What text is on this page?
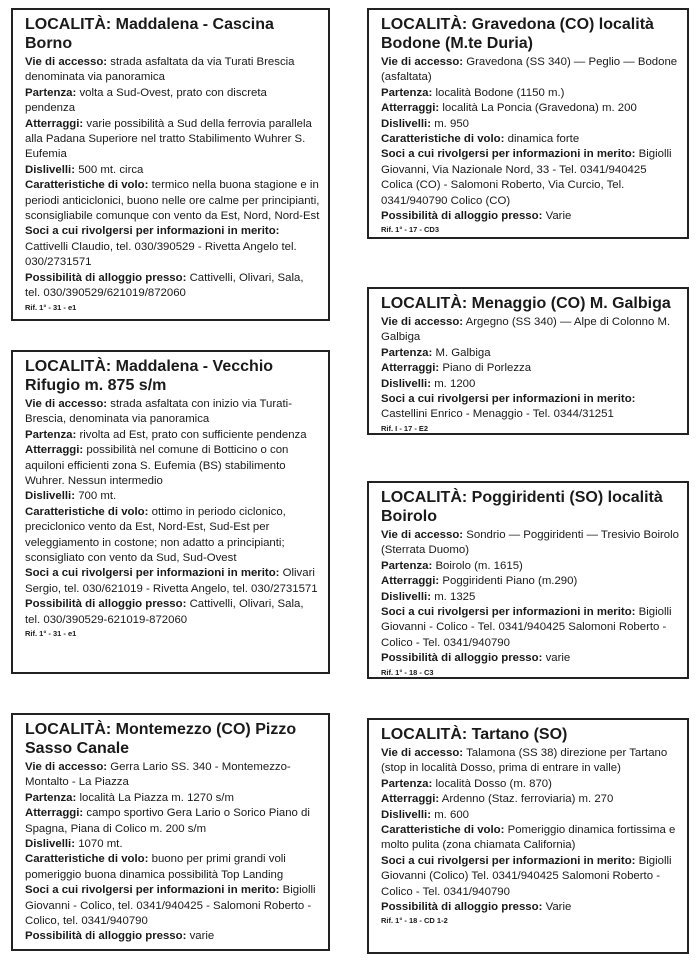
LOCALITÀ: Maddalena - Cascina Borno
Vie di accesso: strada asfaltata da via Turati Brescia denominata via panoramica
Partenza: volta a Sud-Ovest, prato con discreta pendenza
Atterraggi: varie possibilità a Sud della ferrovia parallela alla Padana Superiore nel tratto Stabilimento Wuhrer S. Eufemia
Dislivelli: 500 mt. circa
Caratteristiche di volo: termico nella buona stagione e in periodi anticiclonici, buono nelle ore calme per principianti, sconsigliabile comunque con vento da Est, Nord, Nord-Est
Soci a cui rivolgersi per informazioni in merito: Cattivelli Claudio, tel. 030/390529 - Rivetta Angelo tel. 030/2731571
Possibilità di alloggio presso: Cattivelli, Olivari, Sala, tel. 030/390529/621019/872060
Rif. 1° - 31 - e1
LOCALITÀ: Maddalena - Vecchio Rifugio m. 875 s/m
Vie di accesso: strada asfaltata con inizio via Turati-Brescia, denominata via panoramica
Partenza: rivolta ad Est, prato con sufficiente pendenza
Atterraggi: possibilità nel comune di Botticino o con aquiloni efficienti zona S. Eufemia (BS) stabilimento Wuhrer. Nessun intermedio
Dislivelli: 700 mt.
Caratteristiche di volo: ottimo in periodo ciclonico, preciclonico vento da Est, Nord-Est, Sud-Est per veleggiamento in costone; non adatto a principianti; sconsigliato con vento da Sud, Sud-Ovest
Soci a cui rivolgersi per informazioni in merito: Olivari Sergio, tel. 030/621019 - Rivetta Angelo, tel. 030/2731571
Possibilità di alloggio presso: Cattivelli, Olivari, Sala, tel. 030/390529-621019-872060
Rif. 1° - 31 - e1
LOCALITÀ: Montemezzo (CO) Pizzo Sasso Canale
Vie di accesso: Gerra Lario SS. 340 - Montemezzo-Montalto - La Piazza
Partenza: località La Piazza m. 1270 s/m
Atterraggi: campo sportivo Gera Lario o Sorico Piano di Spagna, Piana di Colico m. 200 s/m
Dislivelli: 1070 mt.
Caratteristiche di volo: buono per primi grandi voli pomeriggio buona dinamica possibilità Top Landing
Soci a cui rivolgersi per informazioni in merito: Bigiolli Giovanni - Colico, tel. 0341/940425 - Salomoni Roberto - Colico, tel. 0341/940790
Possibilità di alloggio presso: varie
LOCALITÀ: Gravedona (CO) località Bodone (M.te Duria)
Vie di accesso: Gravedona (SS 340) — Peglio — Bodone (asfaltata)
Partenza: località Bodone (1150 m.)
Atterraggi: località La Poncia (Gravedona) m. 200
Dislivelli: m. 950
Caratteristiche di volo: dinamica forte
Soci a cui rivolgersi per informazioni in merito: Bigiolli Giovanni, Via Nazionale Nord, 33 - Tel. 0341/940425 Colica (CO) - Salomoni Roberto, Via Curcio, Tel. 0341/940790 Colico (CO)
Possibilità di alloggio presso: Varie
Rif. 1° - 17 - CD3
LOCALITÀ: Menaggio (CO) M. Galbiga
Vie di accesso: Argegno (SS 340) — Alpe di Colonno M. Galbiga
Partenza: M. Galbiga
Atterraggi: Piano di Porlezza
Dislivelli: m. 1200
Soci a cui rivolgersi per informazioni in merito: Castellini Enrico - Menaggio - Tel. 0344/31251
Rif. I - 17 - E2
LOCALITÀ: Poggiridenti (SO) località Boirolo
Vie di accesso: Sondrio — Poggiridenti — Tresivio Boirolo (Sterrata Duomo)
Partenza: Boirolo (m. 1615)
Atterraggi: Poggiridenti Piano (m.290)
Dislivelli: m. 1325
Soci a cui rivolgersi per informazioni in merito: Bigiolli Giovanni - Colico - Tel. 0341/940425 Salomoni Roberto - Colico - Tel. 0341/940790
Possibilità di alloggio presso: varie
Rif. 1° - 18 - C3
LOCALITÀ: Tartano (SO)
Vie di accesso: Talamona (SS 38) direzione per Tartano (stop in località Dosso, prima di entrare in valle)
Partenza: località Dosso (m. 870)
Atterraggi: Ardenno (Staz. ferroviaria) m. 270
Dislivelli: m. 600
Caratteristiche di volo: Pomeriggio dinamica fortissima e molto pulita (zona chiamata California)
Soci a cui rivolgersi per informazioni in merito: Bigiolli Giovanni (Colico) Tel. 0341/940425 Salomoni Roberto - Colico - Tel. 0341/940790
Possibilità di alloggio presso: Varie
Rif. 1° - 18 - CD 1-2
